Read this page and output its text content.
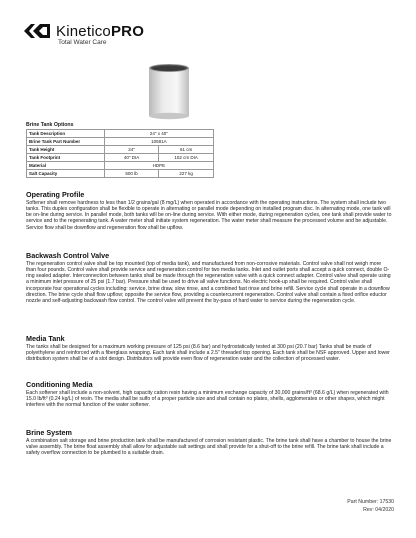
KineticoPRO
Total Water Care
Brine Tank Options
Tank Description	24" x 40"	
Brine Tank Part Number	10581A	
Tank Height	24"	61 cm
Tank Footprint	40" DIA	102 cm DIA
Material	HDPE	
Salt Capacity	500 lb	227 kg
Operating Profile

Softener shall remove hardness to less than 1/2 grains/gal (8 mg/L) when operated in accordance with the operating instructions. The system shall include two tanks. This duplex configuration shall be flexible to operate in alternating or parallel mode depending on installed program disc. In alternating mode, one tank will be on-line during service. In parallel mode, both tanks will be on-line during service. With either mode, during regeneration cycles, one tank shall provide water to service and to the regenerating tank. A water meter shall initiate system regeneration. The water meter shall measure the processed volume and be adjustable. Service flow shall be downflow and regeneration flow shall be upflow.

Backwash Control Valve

The regeneration control valve shall be top mounted (top of media tank), and manufactured from non-corrosive materials. Control valve shall not weigh more than four pounds. Control valve shall provide service and regeneration control for two media tanks. Inlet and outlet ports shall accept a quick connect, double O-ring sealed adapter. Interconnection between tanks shall be made through the regeneration valve with a quick connect adapter. Control valve shall operate using a minimum inlet pressure of 25 psi (1.7 bar). Pressure shall be used to drive all valve functions. No electric hook-up shall be required. Control valve shall incorporate four operational cycles including: service, brine draw, slow rinse, and a combined fast rinse and brine refill. Service cycle shall operate in a downflow direction. The brine cycle shall flow upflow; opposite the service flow, providing a countercurrent regeneration. Control valve shall contain a fixed orifice eductor nozzle and self-adjusting backwash flow control. The control valve will prevent the by-pass of hard water to service during the regeneration cycle.

Media Tank

The tanks shall be designed for a maximum working pressure of 125 psi (8.6 bar) and hydrostatically tested at 300 psi (20.7 bar) Tanks shall be made of polyethylene and reinforced with a fiberglass wrapping. Each tank shall include a 2.5" threaded top opening. Each tank shall be NSF approved. Upper and lower distribution system shall be of a slot design. Distributors will provide even flow of regeneration water and the collection of processed water.

Conditioning Media

Each softener shall include a non-solvent, high capacity cation resin having a minimum exchange capacity of 30,000 grains/ft³ (68.6 g/L) when regenerated with 15.0 lb/ft³ (0.24 kg/L) of resin. The media shall be sulfo of a proper particle size and shall contain no plates, shells, agglomerates or other shapes, which might interfere with the normal function of the water softener.

Brine System

A combination salt storage and brine production tank shall be manufactured of corrosion resistant plastic. The brine tank shall have a chamber to house the brine valve assembly. The brine float assembly shall allow for adjustable salt settings and shall provide for a shut-off to the brine refill. The brine tank shall include a safety overflow connection to be plumbed to a suitable drain.

Part Number: 17530
Rev: 04/2020
